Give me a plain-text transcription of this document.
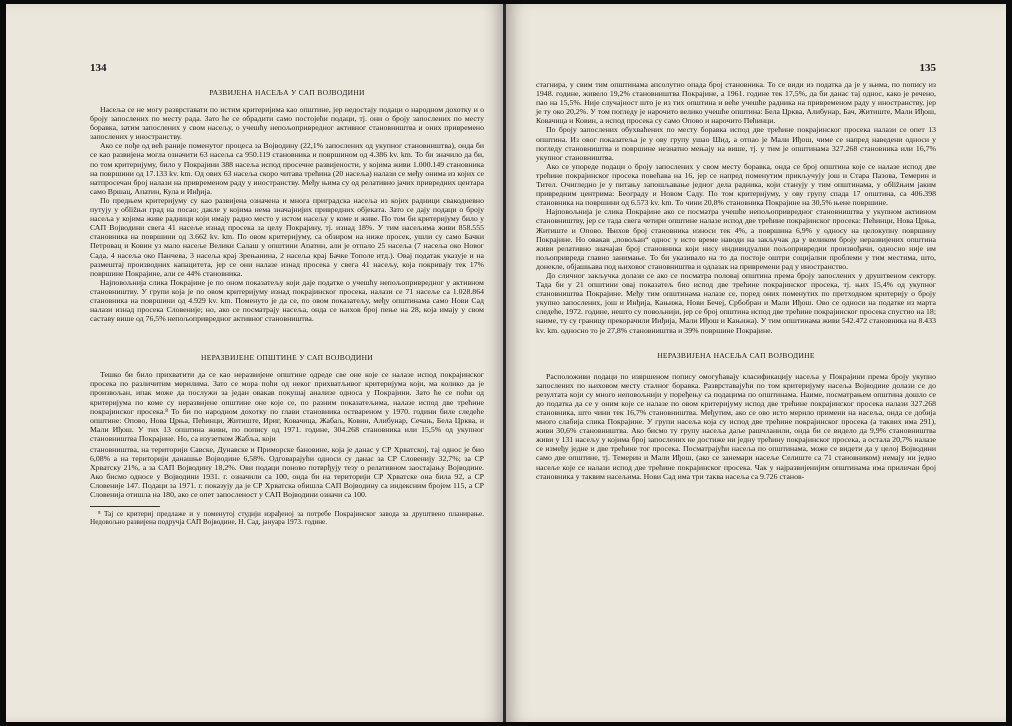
134
РАЗВИЈЕНА НАСЕЉА У САП ВОЈВОДИНИ

Насеља се не могу разврставати по истим критеријима као општине, јер недостају подаци о народном дохотку и о броју запослених по месту рада. Зато ће се обрадити само постојећи подаци, тј. они о броју запослених по месту боравка, затим запослених у свом насељу, о учешћу непољопривредног активног становништва и оних привремено запослених у иностранству.

Ако се пође од већ раније поменутог процеса за Војводину (22,1% запослених од укупног становништва), онда би се као развијена могла означити 63 насеља са 950.119 становника и површином од 4.386 kv. km. То би значило да би, по том критеријуму, било у Покрајини 388 насеља испод просечне развијености, у којима живи 1.000.149 становника на површини од 17.133 kv. km. Од ових 63 насеља скоро читава трећина (20 насеља) налази се међу онима из којих се натпросечан број налази на привременом раду у иностранству. Међу њима су од релативно јачих привредних центара само Вршац, Апатин, Кула и Инђија.

По предњем критеријуму су као развијена означена и многа приградска насеља из којих радници свакодневно путују у обližњи град на посао; дакле у којима нема значајнијих привредних објеката. Зато се дају подаци о броју насеља у којима живе радници који имају радно место у истом насељу у коме и живе. По том би критеријуму било у САП Војводини свега 41 насеље изнад просека за целу Покрајину, тј. изнад 18%. У тим насељима живи 858.555 становника на површини од 3.662 kv. km. По овом критеријуму, са обзиром на ниже просек, ушли су само Бачки Петровац и Ковин уз мало насеље Велики Салаш у општини Апатин, али је отпало 25 насеља (7 насеља око Новог Сада, 4 насеља око Панчева, 3 насеља крај Зрењанина, 2 насеља крај Бачке Тополе итд.). Овај податак указује и на размештај производних капацитета, јер се они налазе изнад просека у свега 41 насељу, која покривају тек 17% површине Покрајине, али се 44% становника.

Најповољнија слика Покрајине је по оном показатељу који даје податке о учешћу непољопривредног у активном становништву. У групи која је по овом критеријуму изнад покрајинског просека, налази се 71 насеље са 1.028.864 становника на површини од 4.929 kv. km. Поменуто је да се, по овом показатељу, међу општинама само Нови Сад налази изнад просека Словеније; но, ако се посматрају насеља, онда се њихов број пење на 28, која имају у свом саставу више од 76,5% непољопривредног активног становништва.

НЕРАЗВИЈЕНЕ ОПШТИНЕ У САП ВОЈВОДИНИ

Тешко би било прихватити да се као неразвијене општине одреде све оне које се налазе испод покрајинског просека по различитим мерилима. Зато се мора поћи од неког прихватљивог критеријума који, ма колико да је произвољан, ипак може да послужи за један овакав покушај анализе односа у Покрајини. Зато ће се поћи од критеријума по коме су неразвијене општине оне које се, по разним показатељима, налазе испод две трећине покрајинског просека.⁸ То би по народном дохотку по глави становника оствареном у 1970. години биле следеће општине: Опово, Нова Црња, Пећинци, Житиште, Ириг, Ковачица, Жабаљ, Ковин, Алибунар, Сечањ, Бела Црква, и Мали Иђош. У тих 13 општина живи, по попису од 1971. године, 304.268 становника или 15,5% од укупног становништва Покрајине. Но, са изузетком Жабља, који

становништва, на територији Савске, Дунавске и Приморске бановине, која је данас у СР Хрватској, тај однос је био 6,08% а на територији данашње Војводине 6,58%. Одговарајући односи су данас за СР Словенију 32,7%; за СР Хрватску 21%, а за САП Војводину 18,2%. Ови подаци поново потврђују тезу о релативном заостајању Војводине. Ако бисмо односе у Војводини 1931. г. означили са 100, онда би на територији СР Хрватске она била 92, а СР Словеније 147. Подаци за 1971. г. показују да је СР Хрватска обишла САП Војводину са индексним бројем 115, а СР Словенија отишла на 180, ако се опет запосленост у САП Војводини означи са 100.

⁸ Тај се критериј предлаже и у поменутој студији израђеној за потребе Покрајинског завода за друштвено планирање. Недовољно развијена подручја САП Војводине, Н. Сад, јануара 1973. године.

135

стагнира, у свим тим општинама апсолутно опада број становника. То се види из податка да је у њима, по попису из 1948. године, живело 19,2% становништва Покрајине, а 1961. године тек 17,5%, да би данас тај однос, како је речено, пао на 15,5%. Није случајност што је из тих општина и веће учешће радника на привременом раду у иностранству, јер је ту око 20,2%. У том погледу је нарочито велико учешће општина: Бела Црква, Алибунар, Бач, Житиште, Мали Иђош, Ковачица и Ковин, а испод просека су само Опово и нарочито Пећинци.

По броју запослених обухваћених по месту боравка испод две трећине покрајинског просека налази се опет 13 општина. Из овог показатеља је у ову групу ушао Шид, а отпао је Мали Иђош, чиме се напред наведени односи у погледу становништва и површине незнатно мењају на више, тј. у тим је општинама 327.268 становника или 16,7% укупног становништва.

Ако се упореде подаци о броју запослених у свом месту боравка, онда се број општина које се налазе испод две трећине покрајинског просека повећава на 16, јер се напред поменутим прикључују још и Стара Пазова, Темерин и Тител. Очигледно је у питању запошљавање једног дела радника, који станују у тим општинама, у обližњим јаким привредним центрима: Београду и Новом Саду. По том критеријуму, у ову групу спада 17 општина, са 406.398 становника на површини од 6.573 kv. km. То чини 20,8% становника Покрајине на 30,5% њене површине.

Најповољнија је слика Покрајине ако се посматра учешће непољопривредног становништва у укупном активном становништву, јер се тада свега четири општине налазе испод две трећине покрајинског просека: Пећинци, Нова Црња, Житиште и Опово. Њихов број становника износи тек 4%, а површина 6,9% у односу на целокупну површину Покрајине. Но овакав „повољан“ однос у исто време наводи на закључак да у великом броју неразвијених општина живи релативно значајан број становника који нису индивидуални пољопривредни произвођачи, односно није им пољопривреда главно занимање. То би указивало на то да постоје оштри социјални проблеми у тим местима, што, донекле, објашњава под њиховог становништва и одлазак на привремени рад у иностранство.

До сличног закључка долази се ако се посматра половај општина према броју запослених у друштвеном сектору. Тада би у 21 општини овај показатељ био испод две трећине покрајинског просека, тј. њих 15,4% од укупног становништва Покрајине. Међу тим општинама налазе се, поред оних поменутих по претходном критерију о броју укупно запослених, још и Инђија, Кањижа, Нови Бечеј, Србобран и Мали Иђош. Ово се односи на податке из марта следеће, 1972. године, нешто су повољнији, јер се број општина испод две трећине покрајинског просека спустио на 18; наиме, ту су границу прекорачили Инђија, Мали Иђош и Кањижа). У тим општинама живи 542.472 становника на 8.433 kv. km. односно то је 27,8% становништва и 39% површине Покрајине.

НЕРАЗВИЈЕНА НАСЕЉА САП ВОЈВОДИНЕ

Расположиви подаци по извршеном попису омогућавају класификацију насеља у Покрајини према броју укупно запослених по њиховом месту сталног боравка. Разврставајући по том критеријуму насеља Војводине долази се до резултата који су много неповољнији у поређењу са подацима по општинама. Наиме, посматрањем општина дошло се до податка да се у оним које се налазе по овом критеријуму испод две трећине покрајинског просека налази 327.268 становника, што чини тек 16,7% становништва. Међутим, ако се ово исто мерило примени на насеља, онда се добија много слабија слика Покрајине. У групи насеља која су испод две трећине покрајинског просека (а таквих има 291), живи 30,6% становништва. Ако бисмо ту групу насеља даље рашчланили, онда би се видело да 9,9% становништва живи у 131 насељу у којима број запослених не достиже ни једну трећину покрајинског просека, а остала 20,7% налазе се између једне и две трећине тог просека. Посматрајући насеља по општинама, може се видети да у целој Војводини само две општине, тј. Темерин и Мали Иђош, (ако се занемари насеље Селиште са 71 становником) немају ни једно насеље које се налази испод две трећине покрајинског просека. Чак у најразвијенијим општинама има приличан број становника у таквим насељима. Нови Сад има три таква насеља са 9.726 станов-
